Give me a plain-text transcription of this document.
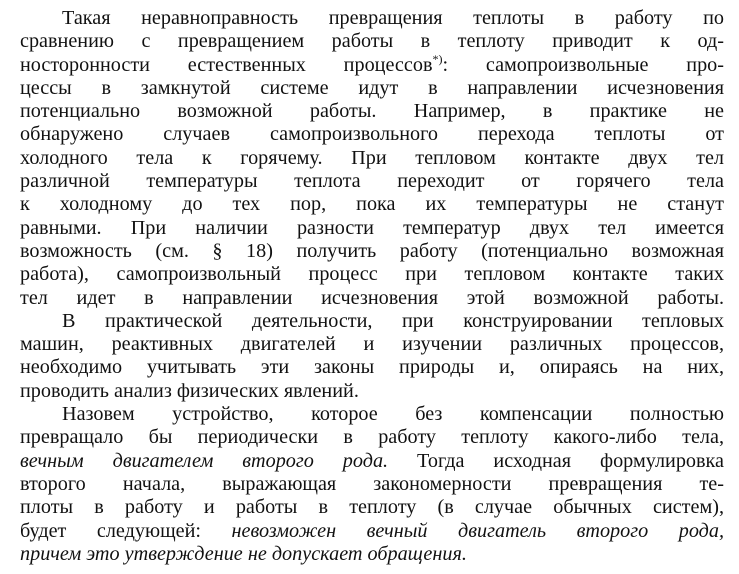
Такая неравноправность превращения теплоты в работу по
сравнению с превращением работы в теплоту приводит к од-
носторонности естественных процессов*): самопроизвольные про-
цессы в замкнутой системе идут в направлении исчезновения
потенциально возможной работы. Например, в практике не
обнаружено случаев самопроизвольного перехода теплоты от
холодного тела к горячему. При тепловом контакте двух тел
различной температуры теплота переходит от горячего тела
к холодному до тех пор, пока их температуры не станут
равными. При наличии разности температур двух тел имеется
возможность (см. § 18) получить работу (потенциально возможная
работа), самопроизвольный процесс при тепловом контакте таких
тел идет в направлении исчезновения этой возможной работы.
В практической деятельности, при конструировании тепловых
машин, реактивных двигателей и изучении различных процессов,
необходимо учитывать эти законы природы и, опираясь на них,
проводить анализ физических явлений.
Назовем устройство, которое без компенсации полностью
превращало бы периодически в работу теплоту какого-либо тела,
вечным двигателем второго рода. Тогда исходная формулировка
второго начала, выражающая закономерности превращения те-
плоты в работу и работы в теплоту (в случае обычных систем),
будет следующей: невозможен вечный двигатель второго рода,
причем это утверждение не допускает обращения.
